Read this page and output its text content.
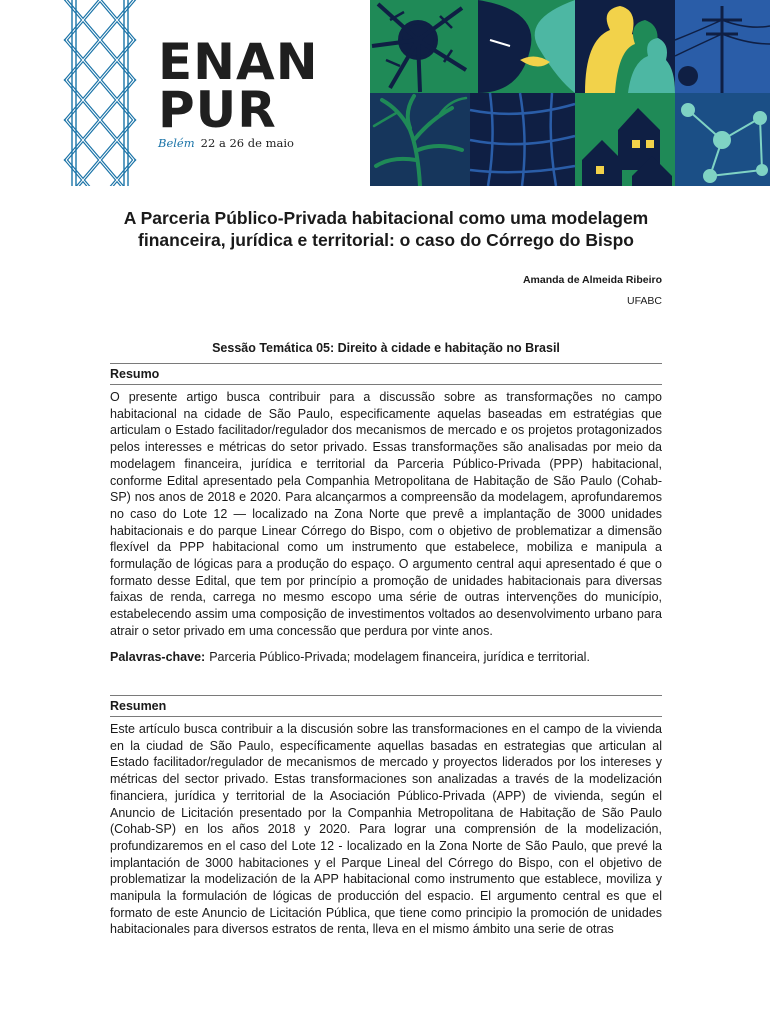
ENAN
PUR
Belém 22 a 26 de maio
A Parceria Público-Privada habitacional como uma modelagem financeira, jurídica e territorial: o caso do Córrego do Bispo
Amanda de Almeida Ribeiro
UFABC
Sessão Temática 05: Direito à cidade e habitação no Brasil
Resumo

O presente artigo busca contribuir para a discussão sobre as transformações no campo habitacional na cidade de São Paulo, especificamente aquelas baseadas em estratégias que articulam o Estado facilitador/regulador dos mecanismos de mercado e os projetos protagonizados pelos interesses e métricas do setor privado. Essas transformações são analisadas por meio da modelagem financeira, jurídica e territorial da Parceria Público-Privada (PPP) habitacional, conforme Edital apresentado pela Companhia Metropolitana de Habitação de São Paulo (Cohab-SP) nos anos de 2018 e 2020. Para alcançarmos a compreensão da modelagem, aprofundaremos no caso do Lote 12 — localizado na Zona Norte que prevê a implantação de 3000 unidades habitacionais e do parque Linear Córrego do Bispo, com o objetivo de problematizar a dimensão flexível da PPP habitacional como um instrumento que estabelece, mobiliza e manipula a formulação de lógicas para a produção do espaço. O argumento central aqui apresentado é que o formato desse Edital, que tem por princípio a promoção de unidades habitacionais para diversas faixas de renda, carrega no mesmo escopo uma série de outras intervenções do município, estabelecendo assim uma composição de investimentos voltados ao desenvolvimento urbano para atrair o setor privado em uma concessão que perdura por vinte anos.

Palavras-chave: Parceria Público-Privada; modelagem financeira, jurídica e territorial.
Resumen

Este artículo busca contribuir a la discusión sobre las transformaciones en el campo de la vivienda en la ciudad de São Paulo, específicamente aquellas basadas en estrategias que articulan al Estado facilitador/regulador de mecanismos de mercado y proyectos liderados por los intereses y métricas del sector privado. Estas transformaciones son analizadas a través de la modelización financiera, jurídica y territorial de la Asociación Público-Privada (APP) de vivienda, según el Anuncio de Licitación presentado por la Companhia Metropolitana de Habitação de São Paulo (Cohab-SP) en los años 2018 y 2020. Para lograr una comprensión de la modelización, profundizaremos en el caso del Lote 12 - localizado en la Zona Norte de São Paulo, que prevé la implantación de 3000 habitaciones y el Parque Lineal del Córrego do Bispo, con el objetivo de problematizar la modelización de la APP habitacional como instrumento que establece, moviliza y manipula la formulación de lógicas de producción del espacio. El argumento central es que el formato de este Anuncio de Licitación Pública, que tiene como principio la promoción de unidades habitacionales para diversos estratos de renta, lleva en el mismo ámbito una serie de otras
